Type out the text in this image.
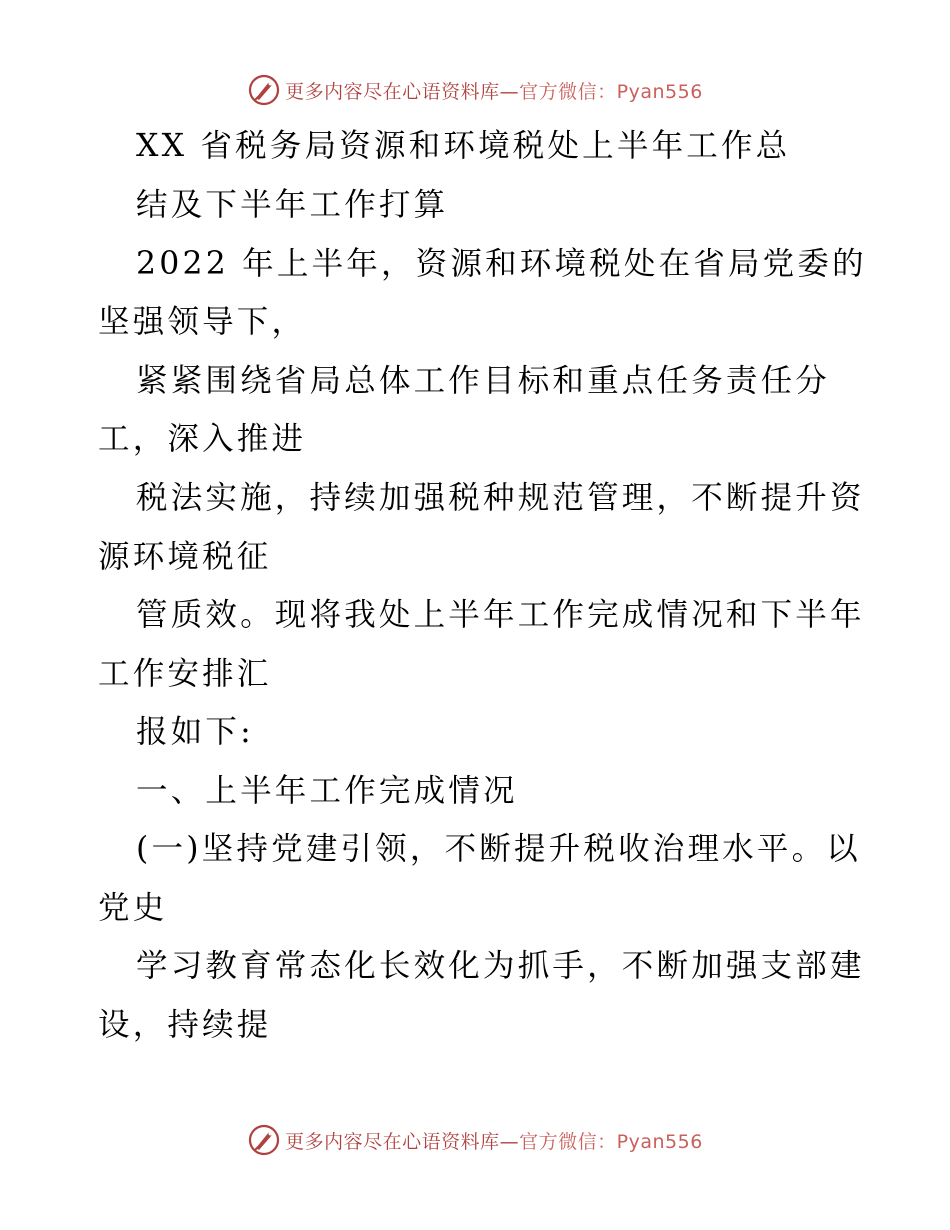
更多内容尽在心语资料库—官方微信：Pyan556
XX 省税务局资源和环境税处上半年工作总
结及下半年工作打算
2022 年上半年，资源和环境税处在省局党委的
坚强领导下，
紧紧围绕省局总体工作目标和重点任务责任分
工，深入推进
税法实施，持续加强税种规范管理，不断提升资
源环境税征
管质效。现将我处上半年工作完成情况和下半年
工作安排汇
报如下:
一、上半年工作完成情况
(一)坚持党建引领，不断提升税收治理水平。以
党史
学习教育常态化长效化为抓手，不断加强支部建
设，持续提
更多内容尽在心语资料库—官方微信：Pyan556
